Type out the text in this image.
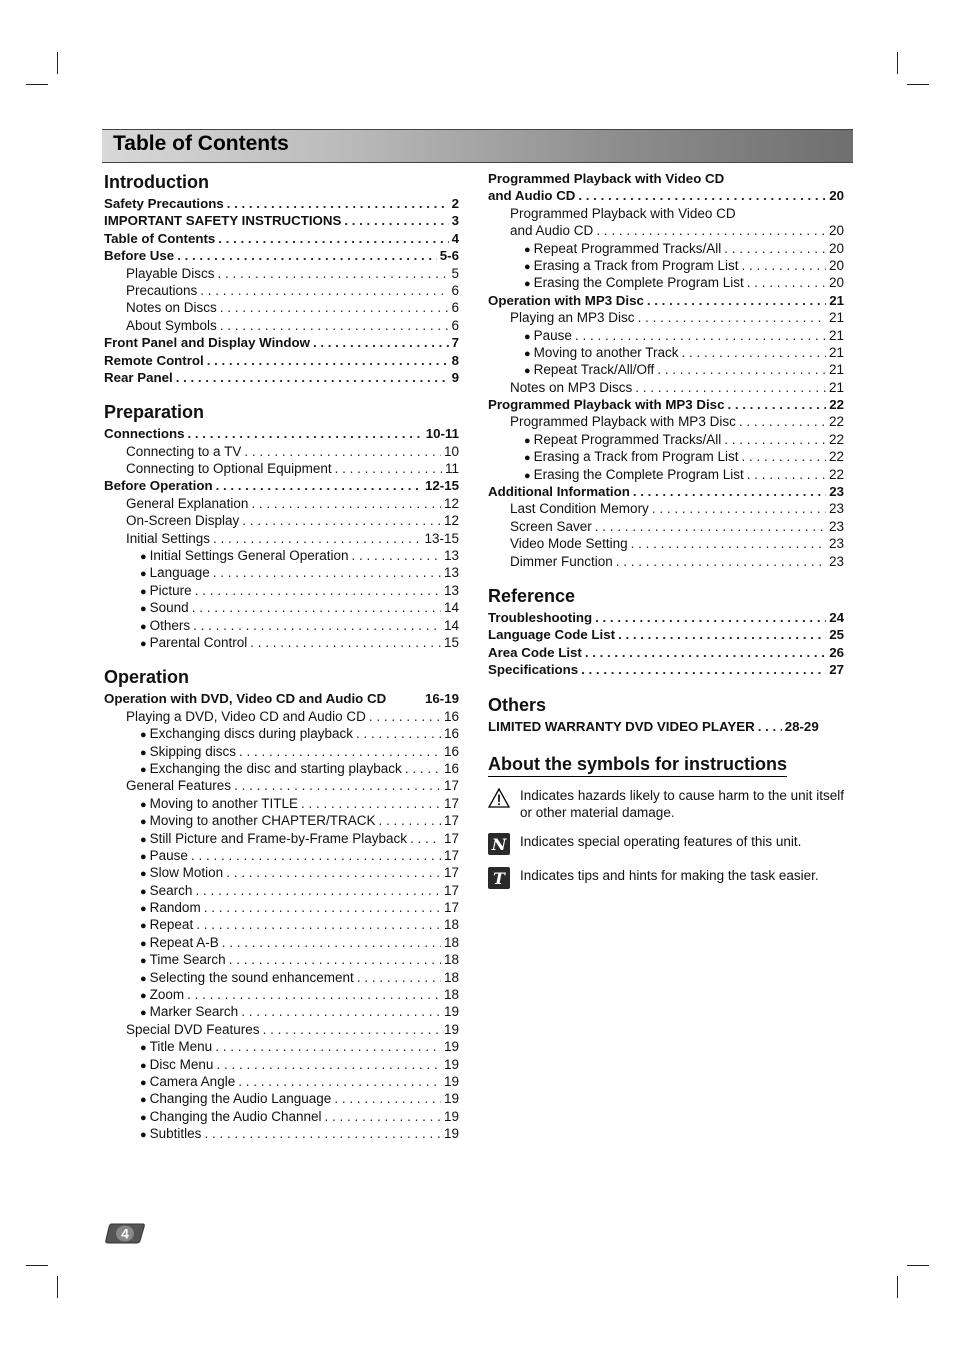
Table of Contents
Introduction
Safety Precautions . . .	2
IMPORTANT SAFETY INSTRUCTIONS . . .	3
Table of Contents . . .	4
Before Use . . .	5-6
Playable Discs . . .	5
Precautions . . .	6
Notes on Discs . . .	6
About Symbols . . .	6
Front Panel and Display Window . . .	7
Remote Control . . .	8
Rear Panel . . .	9
Preparation
Connections . . .	10-11
Connecting to a TV . . .	10
Connecting to Optional Equipment . . .	11
Before Operation . . .	12-15
General Explanation . . .	12
On-Screen Display . . .	12
Initial Settings . . .	13-15
● Initial Settings General Operation . . .	13
● Language . . .	13
● Picture . . .	13
● Sound . . .	14
● Others . . .	14
● Parental Control . . .	15
Operation
Operation with DVD, Video CD and Audio CD	16-19
Playing a DVD, Video CD and Audio CD . . .	16
● Exchanging discs during playback . . .	16
● Skipping discs . . .	16
● Exchanging the disc and starting playback . . .	16
General Features . . .	17
● Moving to another TITLE . . .	17
● Moving to another CHAPTER/TRACK . . .	17
● Still Picture and Frame-by-Frame Playback . . .	17
● Pause . . .	17
● Slow Motion . . .	17
● Search . . .	17
● Random . . .	17
● Repeat . . .	18
● Repeat A-B . . .	18
● Time Search . . .	18
● Selecting the sound enhancement . . .	18
● Zoom . . .	18
● Marker Search . . .	19
Special DVD Features . . .	19
● Title Menu . . .	19
● Disc Menu . . .	19
● Camera Angle . . .	19
● Changing the Audio Language . . .	19
● Changing the Audio Channel . . .	19
● Subtitles . . .	19
Programmed Playback with Video CD
and Audio CD . . .	20
Programmed Playback with Video CD
and Audio CD . . .	20
● Repeat Programmed Tracks/All . . .	20
● Erasing a Track from Program List . . .	20
● Erasing the Complete Program List . . .	20
Operation with MP3 Disc . . .	21
Playing an MP3 Disc . . .	21
● Pause . . .	21
● Moving to another Track . . .	21
● Repeat Track/All/Off . . .	21
Notes on MP3 Discs . . .	21
Programmed Playback with MP3 Disc . . .	22
Programmed Playback with MP3 Disc . . .	22
● Repeat Programmed Tracks/All . . .	22
● Erasing a Track from Program List . . .	22
● Erasing the Complete Program List . . .	22
Additional Information . . .	23
Last Condition Memory . . .	23
Screen Saver . . .	23
Video Mode Setting . . .	23
Dimmer Function . . .	23
Reference
Troubleshooting . . .	24
Language Code List . . .	25
Area Code List . . .	26
Specifications . . .	27
Others
LIMITED WARRANTY DVD VIDEO PLAYER . . . 28-29
About the symbols for instructions
Indicates hazards likely to cause harm to the unit itself or other material damage.
N Indicates special operating features of this unit.
T Indicates tips and hints for making the task easier.
4
